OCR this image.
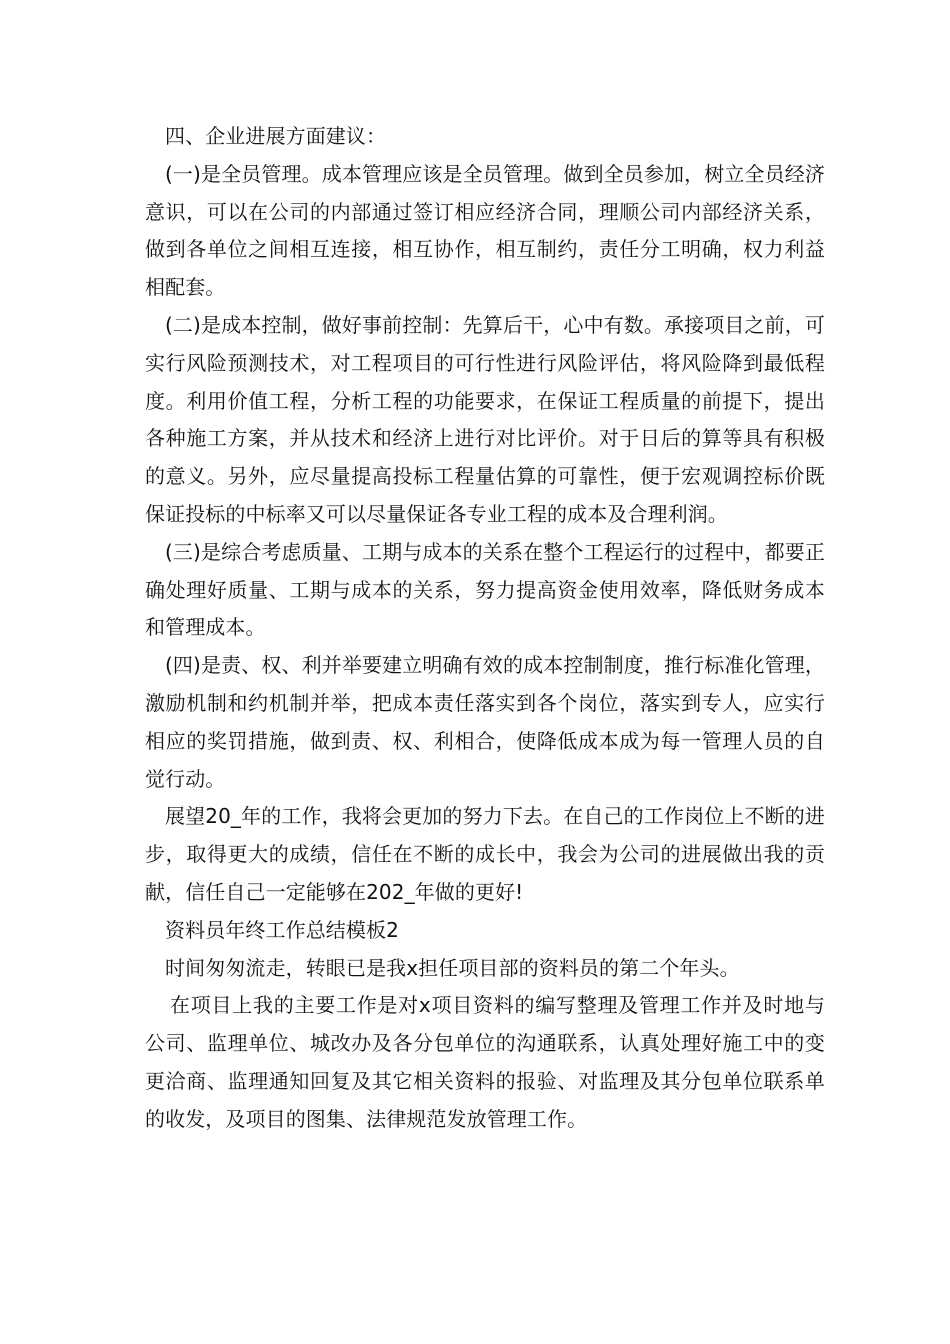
四、企业进展方面建议：

(一)是全员管理。成本管理应该是全员管理。做到全员参加，树立全员经济意识，可以在公司的内部通过签订相应经济合同，理顺公司内部经济关系，做到各单位之间相互连接，相互协作，相互制约，责任分工明确，权力利益相配套。

(二)是成本控制，做好事前控制：先算后干，心中有数。承接项目之前，可实行风险预测技术，对工程项目的可行性进行风险评估，将风险降到最低程度。利用价值工程，分析工程的功能要求，在保证工程质量的前提下，提出各种施工方案，并从技术和经济上进行对比评价。对于日后的算等具有积极的意义。另外，应尽量提高投标工程量估算的可靠性，便于宏观调控标价既保证投标的中标率又可以尽量保证各专业工程的成本及合理利润。

(三)是综合考虑质量、工期与成本的关系在整个工程运行的过程中，都要正确处理好质量、工期与成本的关系，努力提高资金使用效率，降低财务成本和管理成本。

(四)是责、权、利并举要建立明确有效的成本控制制度，推行标准化管理，激励机制和约机制并举，把成本责任落实到各个岗位，落实到专人，应实行相应的奖罚措施，做到责、权、利相合，使降低成本成为每一管理人员的自觉行动。

展望20_年的工作，我将会更加的努力下去。在自己的工作岗位上不断的进步，取得更大的成绩，信任在不断的成长中，我会为公司的进展做出我的贡献，信任自己一定能够在202_年做的更好!

资料员年终工作总结模板2

时间匆匆流走，转眼已是我x担任项目部的资料员的第二个年头。

在项目上我的主要工作是对x项目资料的编写整理及管理工作并及时地与公司、监理单位、城改办及各分包单位的沟通联系，认真处理好施工中的变更洽商、监理通知回复及其它相关资料的报验、对监理及其分包单位联系单的收发，及项目的图集、法律规范发放管理工作。
